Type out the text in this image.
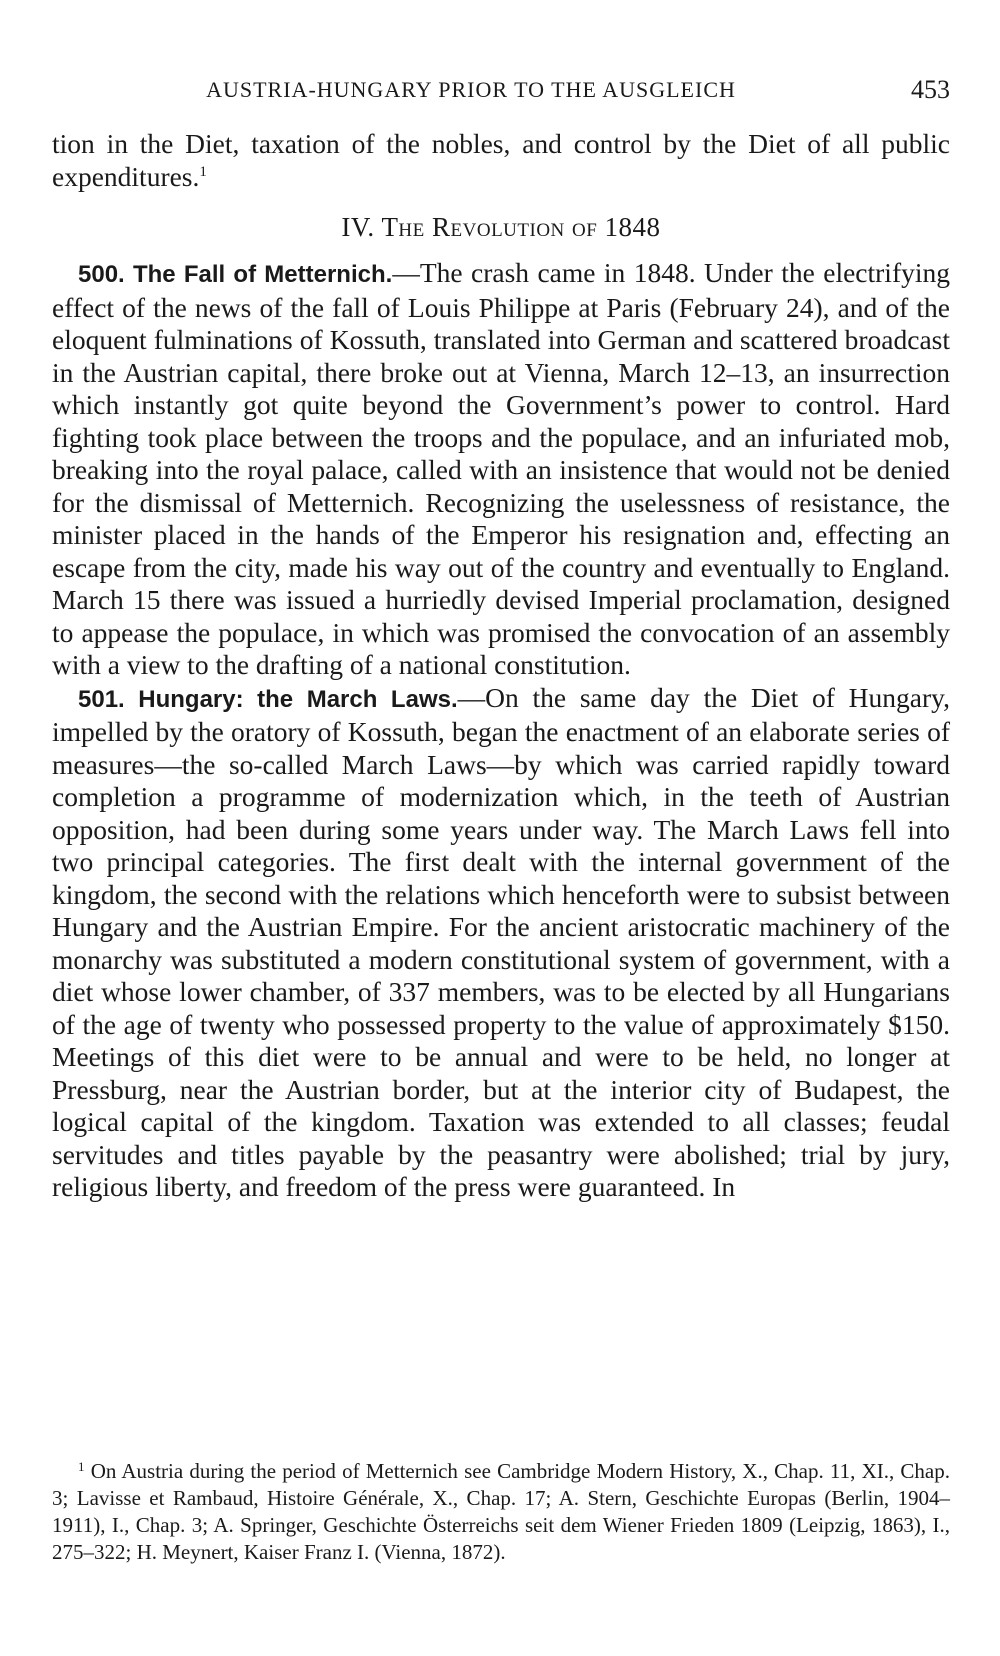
AUSTRIA-HUNGARY PRIOR TO THE AUSGLEICH	453

tion in the Diet, taxation of the nobles, and control by the Diet of all public expenditures.$^1$

IV. The Revolution of 1848

500. The Fall of Metternich.—The crash came in 1848. Under the electrifying effect of the news of the fall of Louis Philippe at Paris (February 24), and of the eloquent fulminations of Kossuth, translated into German and scattered broadcast in the Austrian capital, there broke out at Vienna, March 12–13, an insurrection which instantly got quite beyond the Government’s power to control. Hard fighting took place between the troops and the populace, and an infuriated mob, breaking into the royal palace, called with an insistence that would not be denied for the dismissal of Metternich. Recognizing the uselessness of resistance, the minister placed in the hands of the Emperor his resignation and, effecting an escape from the city, made his way out of the country and eventually to England. March 15 there was issued a hurriedly devised Imperial proclamation, designed to appease the populace, in which was promised the convocation of an assembly with a view to the drafting of a national constitution.

501. Hungary: the March Laws.—On the same day the Diet of Hungary, impelled by the oratory of Kossuth, began the enactment of an elaborate series of measures—the so-called March Laws—by which was carried rapidly toward completion a programme of modernization which, in the teeth of Austrian opposition, had been during some years under way. The March Laws fell into two principal categories. The first dealt with the internal government of the kingdom, the second with the relations which henceforth were to subsist between Hungary and the Austrian Empire. For the ancient aristocratic machinery of the monarchy was substituted a modern constitutional system of government, with a diet whose lower chamber, of 337 members, was to be elected by all Hungarians of the age of twenty who possessed property to the value of approximately $150. Meetings of this diet were to be annual and were to be held, no longer at Pressburg, near the Austrian border, but at the interior city of Budapest, the logical capital of the kingdom. Taxation was extended to all classes; feudal servitudes and titles payable by the peasantry were abolished; trial by jury, religious liberty, and freedom of the press were guaranteed. In

$^1$ On Austria during the period of Metternich see Cambridge Modern History, X., Chap. 11, XI., Chap. 3; Lavisse et Rambaud, Histoire Générale, X., Chap. 17; A. Stern, Geschichte Europas (Berlin, 1904–1911), I., Chap. 3; A. Springer, Geschichte Österreichs seit dem Wiener Frieden 1809 (Leipzig, 1863), I., 275–322; H. Meynert, Kaiser Franz I. (Vienna, 1872).
